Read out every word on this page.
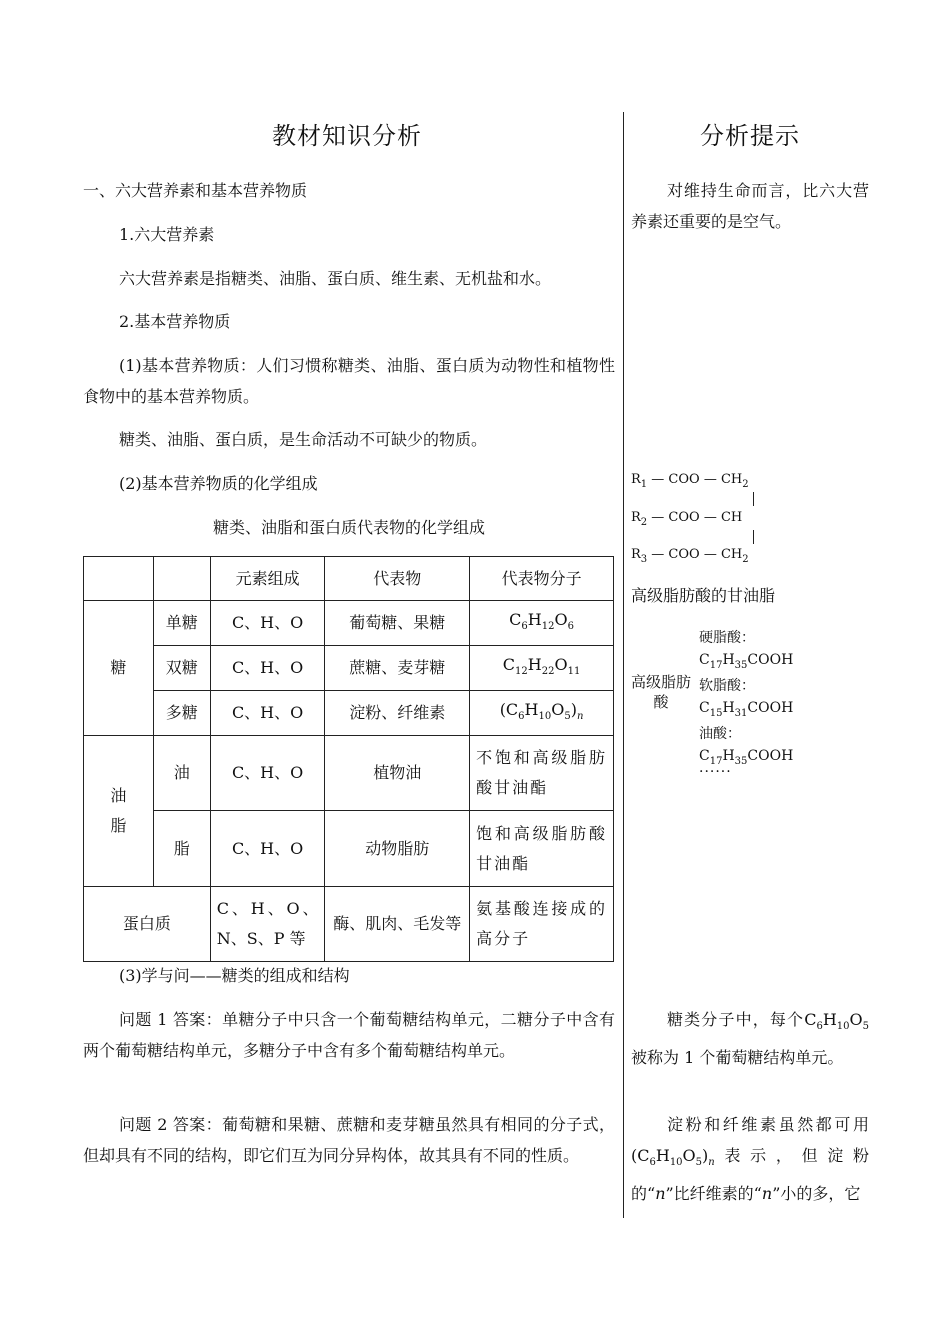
教材知识分析	分析提示
一、六大营养素和基本营养物质
1.六大营养素
六大营养素是指糖类、油脂、蛋白质、维生素、无机盐和水。
2.基本营养物质
(1)基本营养物质：人们习惯称糖类、油脂、蛋白质为动物性和植物性食物中的基本营养物质。
糖类、油脂、蛋白质，是生命活动不可缺少的物质。
(2)基本营养物质的化学组成
糖类、油脂和蛋白质代表物的化学组成
		元素组成	代表物	代表物分子
糖	单糖	C、H、O	葡萄糖、果糖	$C_6H_{12}O_6$
	双糖	C、H、O	蔗糖、麦芽糖	$C_{12}H_{22}O_{11}$
	多糖	C、H、O	淀粉、纤维素	$(C_6H_{10}O_5)_n$
油脂	油	C、H、O	植物油	不饱和高级脂肪酸甘油酯
	脂	C、H、O	动物脂肪	饱和高级脂肪酸甘油酯
蛋白质		C、H、O、N、S、P 等	酶、肌肉、毛发等	氨基酸连接成的高分子
(3)学与问——糖类的组成和结构
问题 1 答案：单糖分子中只含一个葡萄糖结构单元，二糖分子中含有两个葡萄糖结构单元，多糖分子中含有多个葡萄糖结构单元。
问题 2 答案：葡萄糖和果糖、蔗糖和麦芽糖虽然具有相同的分子式，但却具有不同的结构，即它们互为同分异构体，故其具有不同的性质。
对维持生命而言，比六大营养素还重要的是空气。
$R_1$ — COO — $CH_2$
$R_2$ — COO — CH
$R_3$ — COO — $CH_2$
高级脂肪酸的甘油脂
高级脂肪酸
硬脂酸：
$C_{17}H_{35}COOH$
软脂酸：
$C_{15}H_{31}COOH$
油酸：
$C_{17}H_{35}COOH$
······
糖类分子中，每个$C_6H_{10}O_5$被称为 1 个葡萄糖结构单元。
淀粉和纤维素虽然都可用$(C_6H_{10}O_5)_n$表示，但淀粉的“n”比纤维素的“n”小的多，它
